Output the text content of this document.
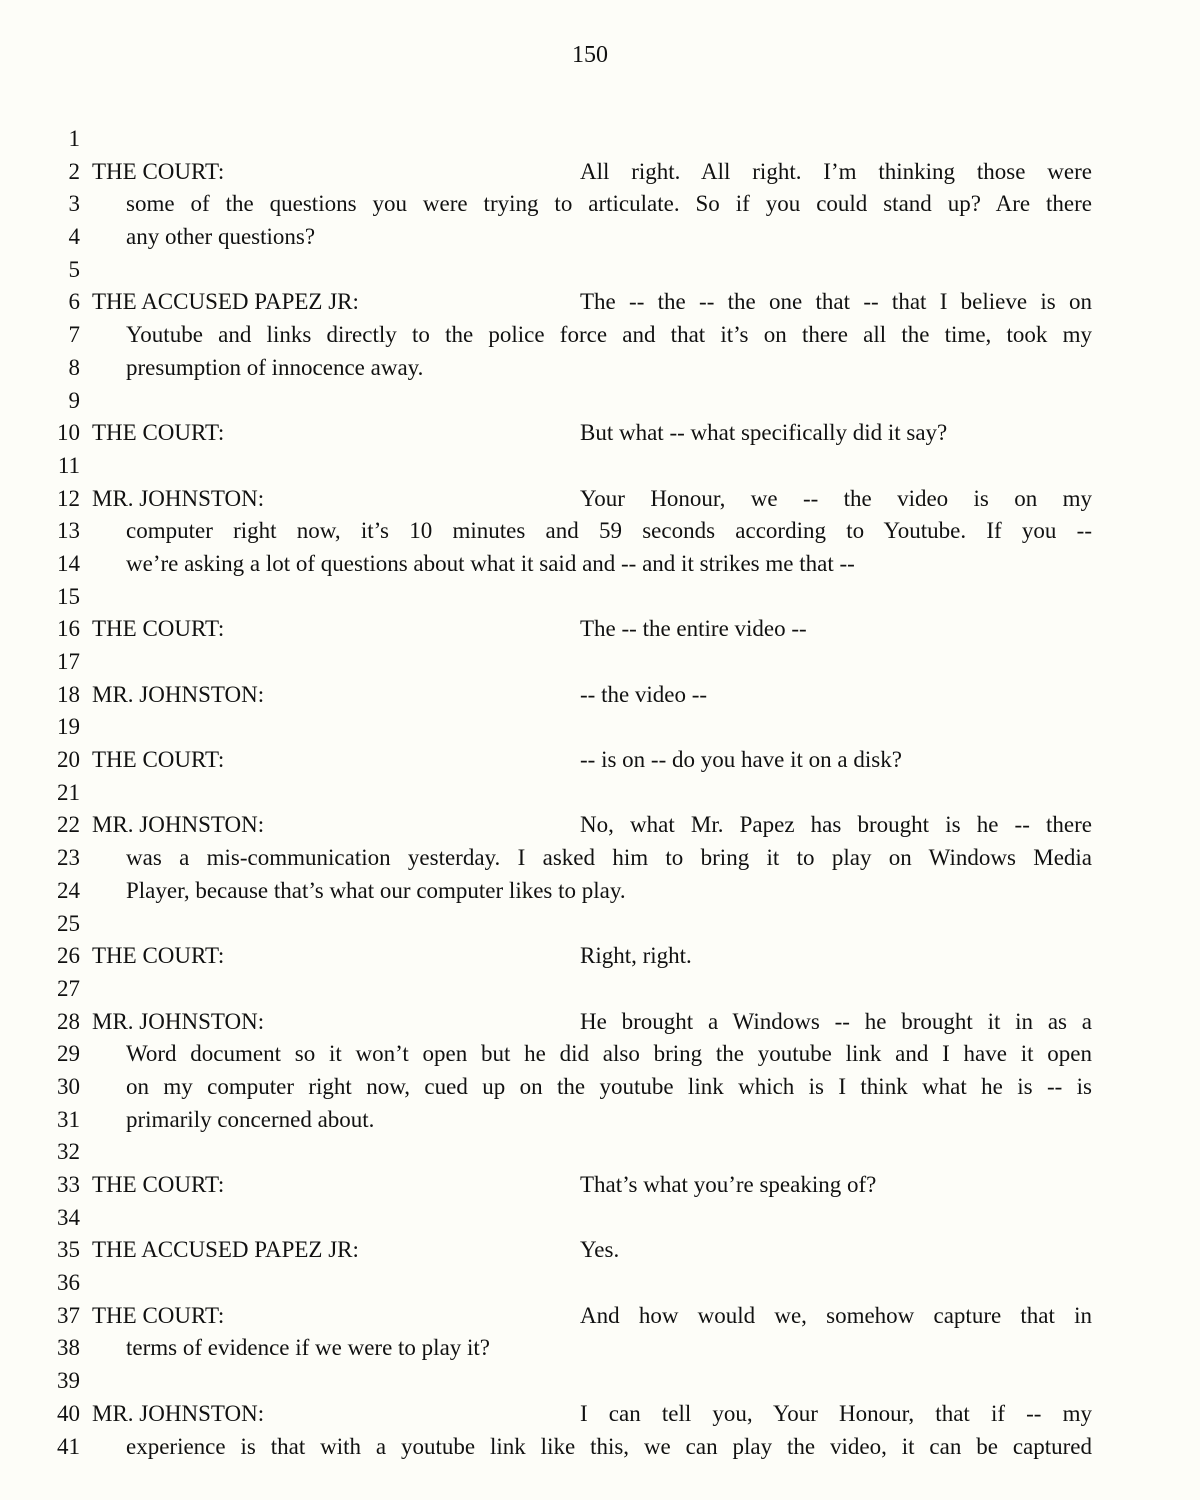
150
1
2 THE COURT:	All right. All right. I’m thinking those were
3 some of the questions you were trying to articulate. So if you could stand up? Are there
4 any other questions?
5
6 THE ACCUSED PAPEZ JR:	The -- the -- the one that -- that I believe is on
7 Youtube and links directly to the police force and that it’s on there all the time, took my
8 presumption of innocence away.
9
10 THE COURT:	But what -- what specifically did it say?
11
12 MR. JOHNSTON:	Your Honour, we -- the video is on my
13 computer right now, it’s 10 minutes and 59 seconds according to Youtube. If you --
14 we’re asking a lot of questions about what it said and -- and it strikes me that --
15
16 THE COURT:	The -- the entire video --
17
18 MR. JOHNSTON:	-- the video --
19
20 THE COURT:	-- is on -- do you have it on a disk?
21
22 MR. JOHNSTON:	No, what Mr. Papez has brought is he -- there
23 was a mis-communication yesterday. I asked him to bring it to play on Windows Media
24 Player, because that’s what our computer likes to play.
25
26 THE COURT:	Right, right.
27
28 MR. JOHNSTON:	He brought a Windows -- he brought it in as a
29 Word document so it won’t open but he did also bring the youtube link and I have it open
30 on my computer right now, cued up on the youtube link which is I think what he is -- is
31 primarily concerned about.
32
33 THE COURT:	That’s what you’re speaking of?
34
35 THE ACCUSED PAPEZ JR:	Yes.
36
37 THE COURT:	And how would we, somehow capture that in
38 terms of evidence if we were to play it?
39
40 MR. JOHNSTON:	I can tell you, Your Honour, that if -- my
41 experience is that with a youtube link like this, we can play the video, it can be captured
